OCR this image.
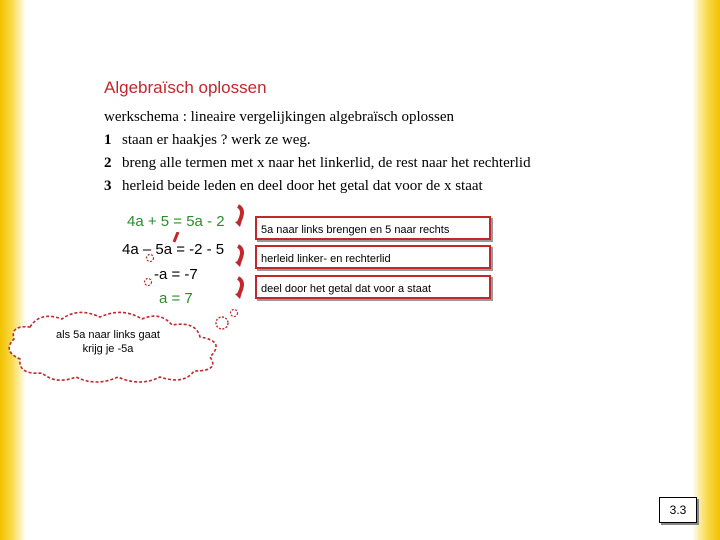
Algebraïsch oplossen
werkschema : lineaire vergelijkingen algebraïsch oplossen
1 staan er haakjes ? werk ze weg.
2 breng alle termen met x naar het linkerlid, de rest naar het rechterlid
3 herleid beide leden en deel door het getal dat voor de x staat
4a + 5 = 5a - 2
4a – 5a = -2 - 5
-a = -7
a = 7
5a naar links brengen en 5 naar rechts
herleid linker- en rechterlid
deel door het getal dat voor a staat
als 5a naar links gaat
krijg je -5a
3.3
